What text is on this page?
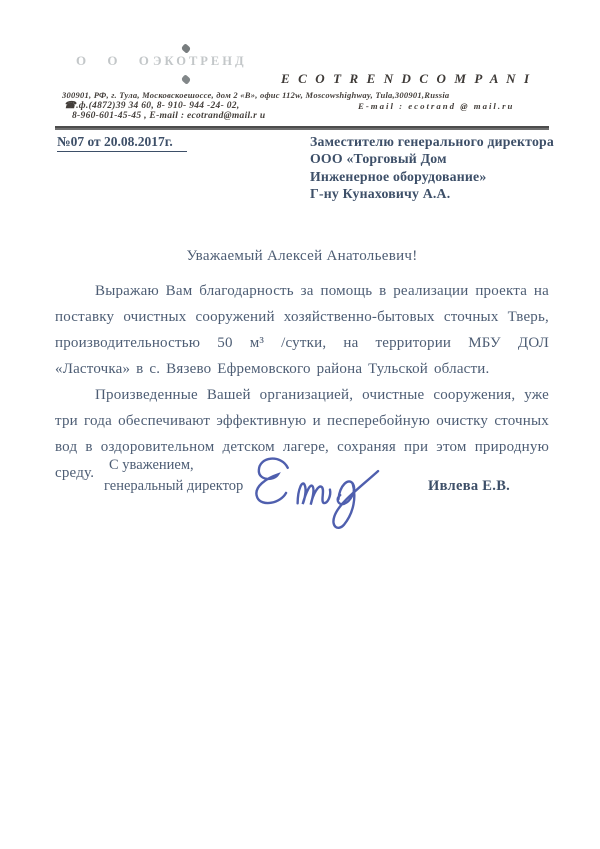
О О О
ЭКОТРЕНД
E C O T R E N D C O M P A N I
300901, РФ, г. Тула, Московскоешоссе, дом 2 «В», офис 112w, Moscowshighway, Tula,300901,Russia
☎.ф.(4872)39 34 60, 8- 910- 944 -24- 02,	E-mail : ecotrand @ mail.ru
8-960-601-45-45 , E-mail : ecotrand@mail.r u
№07 от 20.08.2017г.	Заместителю генерального директора
ООО «Торговый Дом
Инженерное оборудование»
Г-ну Кунаховичу А.А.
Уважаемый Алексей Анатольевич!

Выражаю Вам благодарность за помощь в реализации проекта на поставку очистных сооружений хозяйственно-бытовых сточных Тверь, производительностью 50 м³ /сутки, на территории МБУ ДОЛ «Ласточка» в с. Вязево Ефремовского района Тульской области.

Произведенные Вашей организацией, очистные сооружения, уже три года обеспечивают эффективную и песперебойную очистку сточных вод в оздоровительном детском лагере, сохраняя при этом природную среду.	С уважением,
генеральный директор	Ивлева Е.В.
